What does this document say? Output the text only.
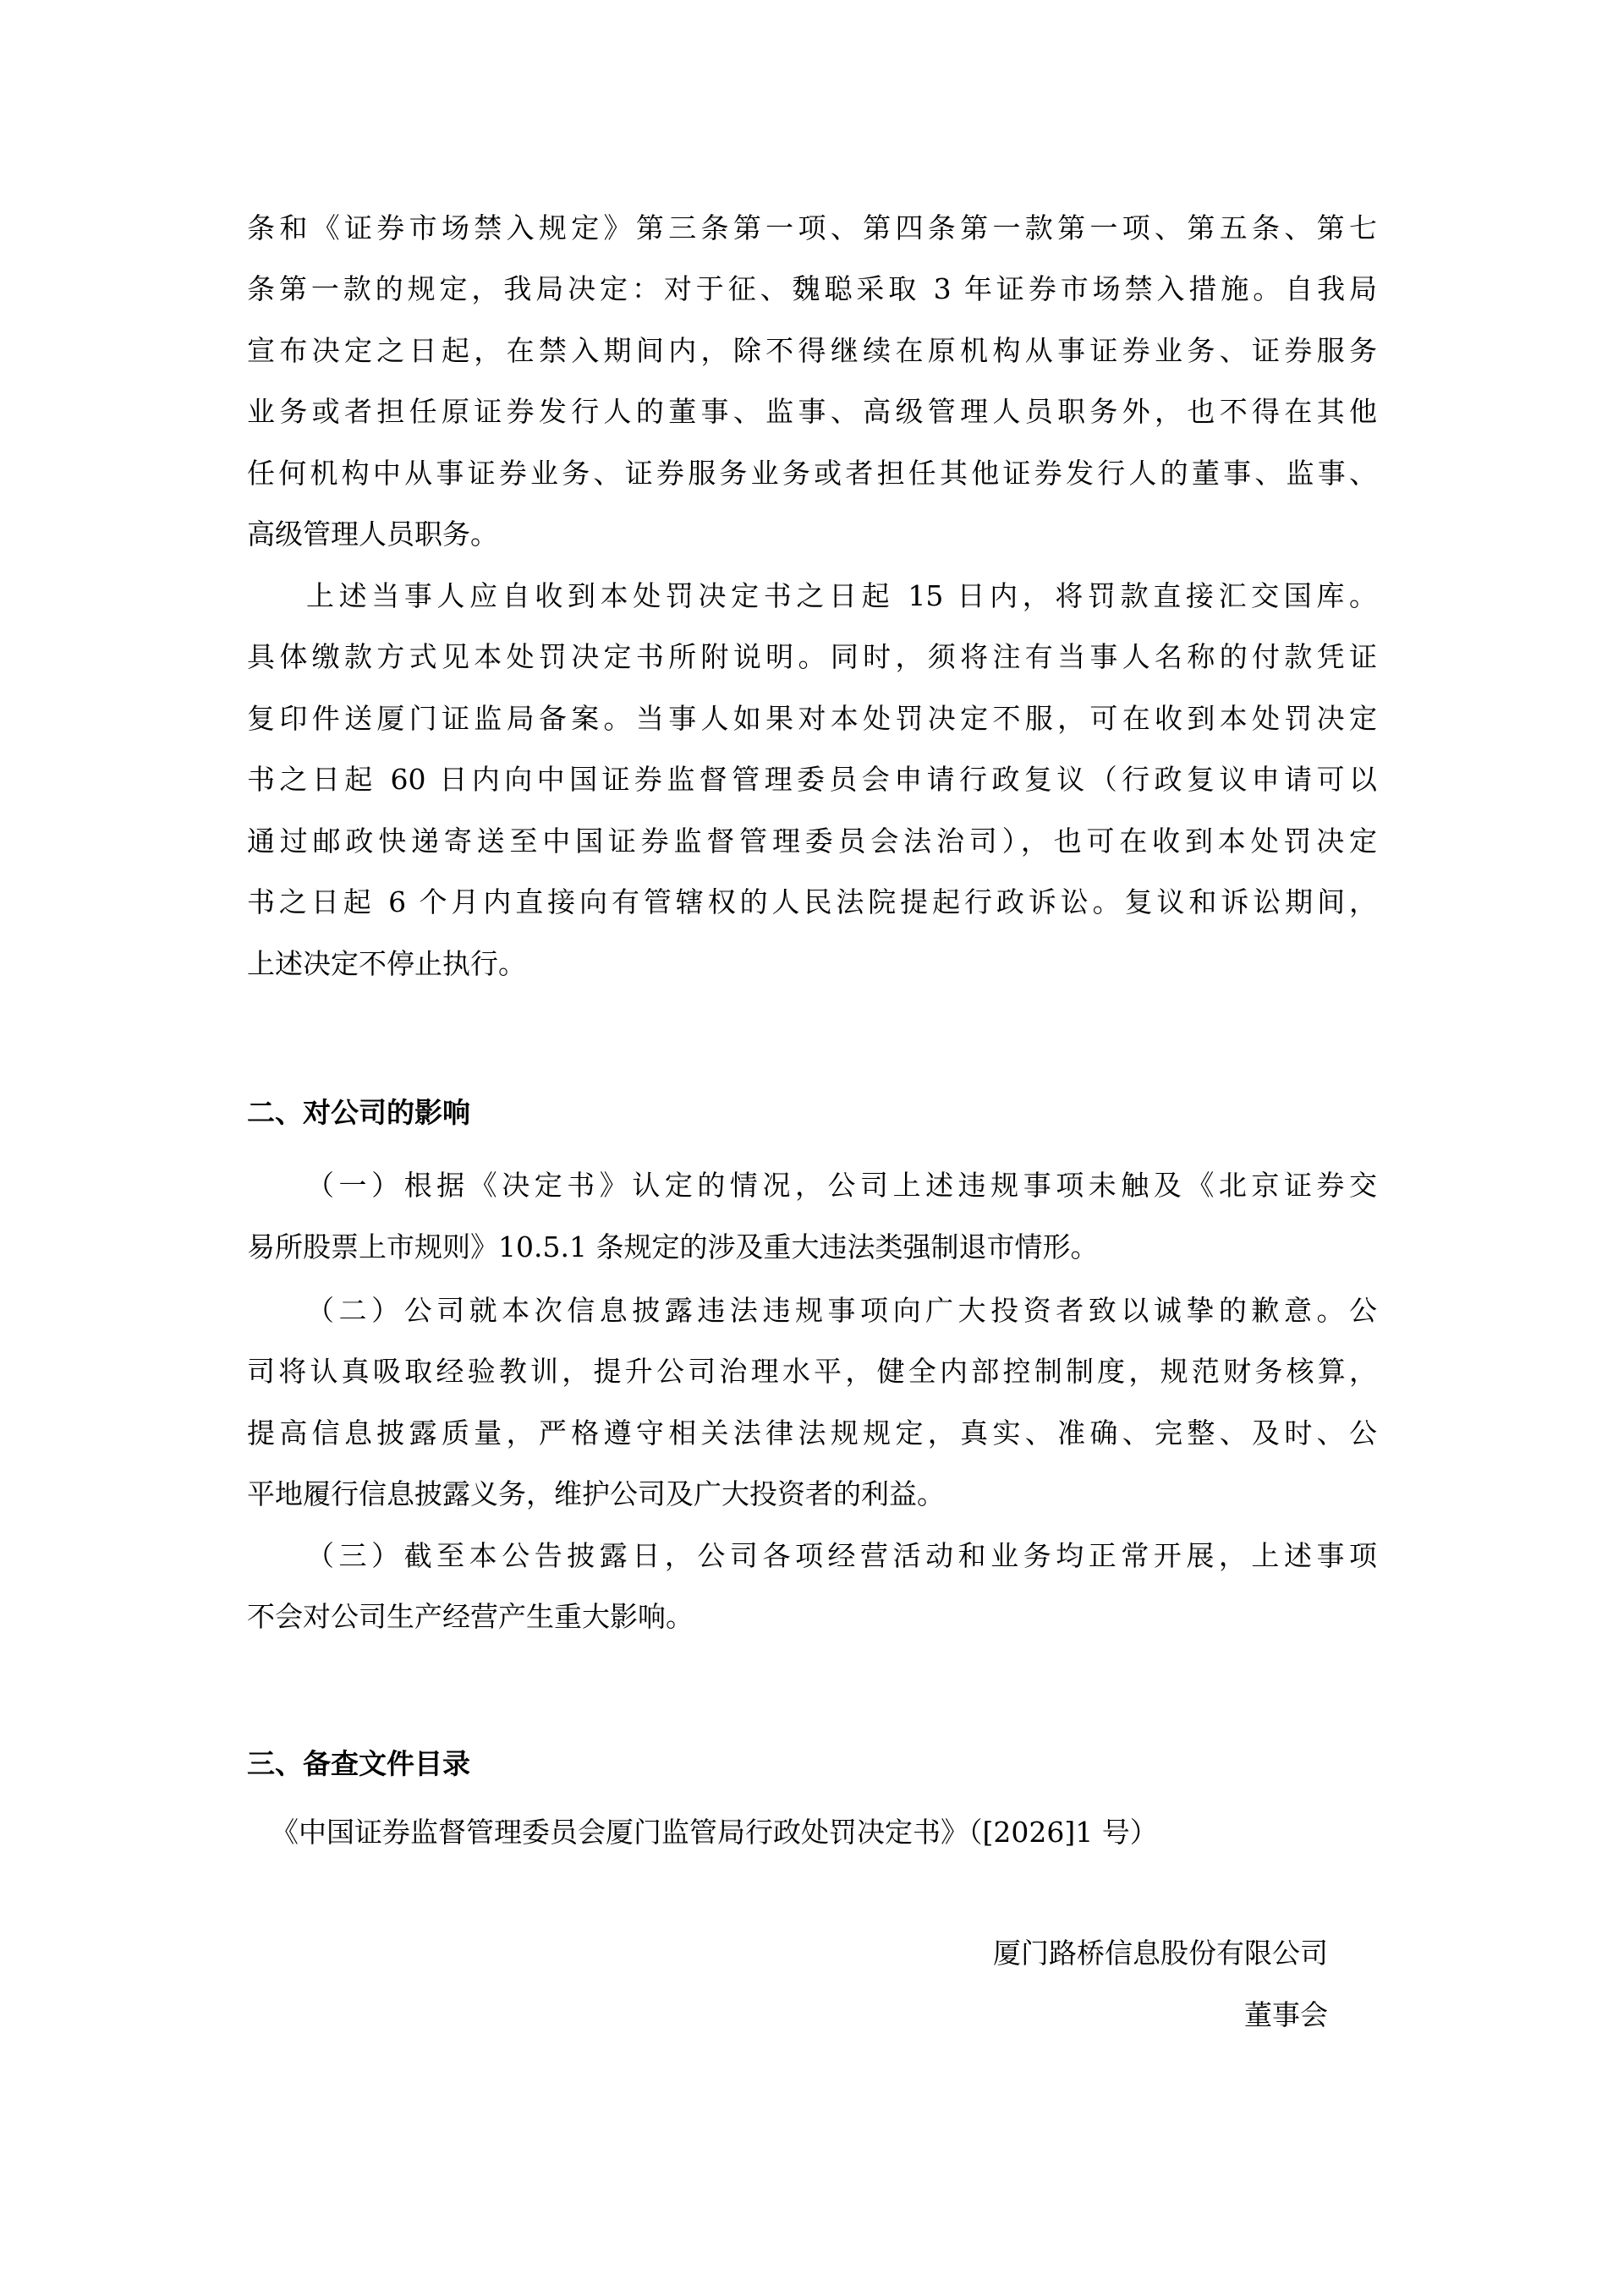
条和《证券市场禁入规定》第三条第一项、第四条第一款第一项、第五条、第七
条第一款的规定，我局决定：对于征、魏聪采取 3 年证券市场禁入措施。自我局
宣布决定之日起，在禁入期间内，除不得继续在原机构从事证券业务、证券服务
业务或者担任原证券发行人的董事、监事、高级管理人员职务外，也不得在其他
任何机构中从事证券业务、证券服务业务或者担任其他证券发行人的董事、监事、
高级管理人员职务。
上述当事人应自收到本处罚决定书之日起 15 日内，将罚款直接汇交国库。
具体缴款方式见本处罚决定书所附说明。同时，须将注有当事人名称的付款凭证
复印件送厦门证监局备案。当事人如果对本处罚决定不服，可在收到本处罚决定
书之日起 60 日内向中国证券监督管理委员会申请行政复议（行政复议申请可以
通过邮政快递寄送至中国证券监督管理委员会法治司），也可在收到本处罚决定
书之日起 6 个月内直接向有管辖权的人民法院提起行政诉讼。复议和诉讼期间，
上述决定不停止执行。
二、对公司的影响
（一）根据《决定书》认定的情况，公司上述违规事项未触及《北京证券交
易所股票上市规则》10.5.1 条规定的涉及重大违法类强制退市情形。
（二）公司就本次信息披露违法违规事项向广大投资者致以诚挚的歉意。公
司将认真吸取经验教训，提升公司治理水平，健全内部控制制度，规范财务核算，
提高信息披露质量，严格遵守相关法律法规规定，真实、准确、完整、及时、公
平地履行信息披露义务，维护公司及广大投资者的利益。
（三）截至本公告披露日，公司各项经营活动和业务均正常开展，上述事项
不会对公司生产经营产生重大影响。
三、备查文件目录
《中国证券监督管理委员会厦门监管局行政处罚决定书》（[2026]1 号）
厦门路桥信息股份有限公司
董事会
